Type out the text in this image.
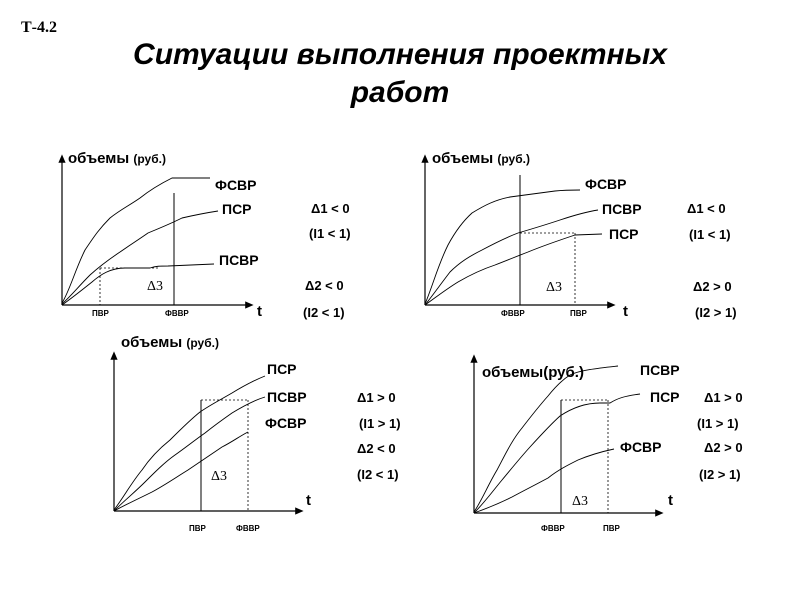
Т-4.2
Ситуации выполнения проектных
работ
объемы (руб.)
t
ФСВР
ПСР
ПСВР
ПВР	ФВВР
Δ3
Δ1 < 0
(I1 < 1)
Δ2 < 0
(I2 < 1)
объемы (руб.)
t
ФСВР
ПСВР
ПСР
ФВВР	ПВР
Δ3
Δ1 < 0
(I1 < 1)
Δ2 > 0
(I2 > 1)
объемы (руб.)
t
ПСР
ПСВР
ФСВР
ПВР	ФВВР
Δ3
Δ1 > 0
(I1 > 1)
Δ2 < 0
(I2 < 1)
объемы(руб.)
t
ПСВР
ПСР
ФСВР
ФВВР	ПВР
Δ3
Δ1 > 0
(I1 > 1)
Δ2 > 0
(I2 > 1)
